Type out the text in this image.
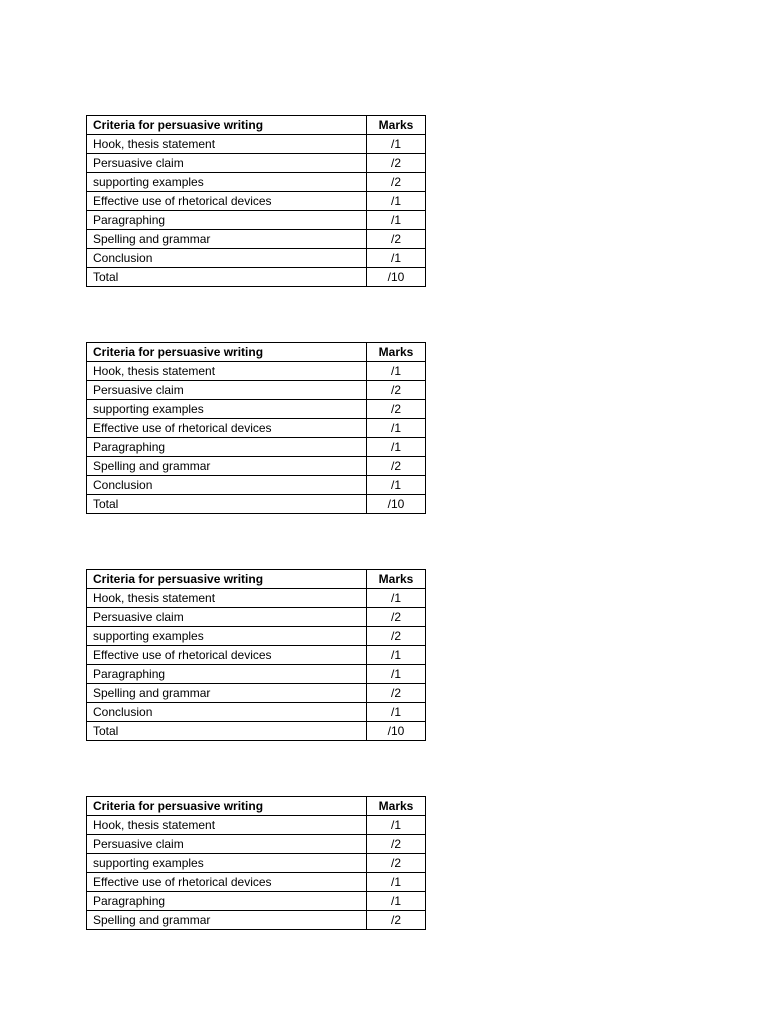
Criteria for persuasive writing	Marks
Hook, thesis statement	/1
Persuasive claim	/2
supporting examples	/2
Effective use of rhetorical devices	/1
Paragraphing	/1
Spelling and grammar	/2
Conclusion	/1
Total	/10
Criteria for persuasive writing	Marks
Hook, thesis statement	/1
Persuasive claim	/2
supporting examples	/2
Effective use of rhetorical devices	/1
Paragraphing	/1
Spelling and grammar	/2
Conclusion	/1
Total	/10
Criteria for persuasive writing	Marks
Hook, thesis statement	/1
Persuasive claim	/2
supporting examples	/2
Effective use of rhetorical devices	/1
Paragraphing	/1
Spelling and grammar	/2
Conclusion	/1
Total	/10
Criteria for persuasive writing	Marks
Hook, thesis statement	/1
Persuasive claim	/2
supporting examples	/2
Effective use of rhetorical devices	/1
Paragraphing	/1
Spelling and grammar	/2
